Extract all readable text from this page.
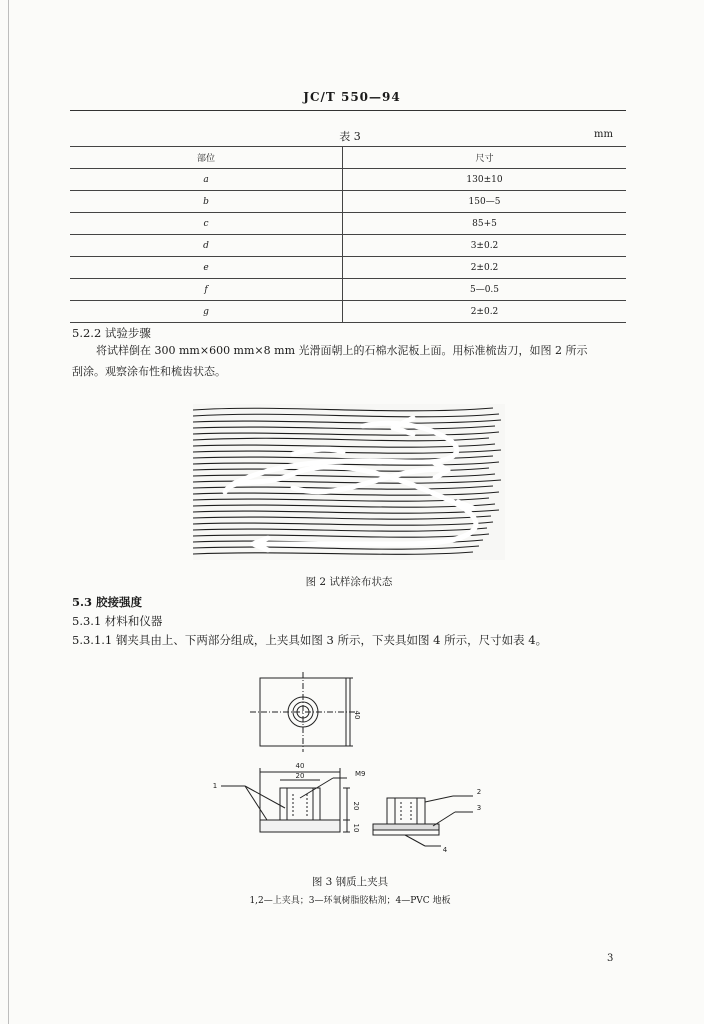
JC/T 550—94
表 3	mm
部位	尺寸
a	130±10
b	150—5
c	85+5
d	3±0.2
e	2±0.2
f	5—0.5
g	2±0.2
5.2.2 试验步骤
将试样倒在 300 mm×600 mm×8 mm 光滑面朝上的石棉水泥板上面。用标准梳齿刀，如图 2 所示
刮涂。观察涂布性和梳齿状态。
图 2 试样涂布状态
5.3 胶接强度
5.3.1 材料和仪器
5.3.1.1 钢夹具由上、下两部分组成，上夹具如图 3 所示，下夹具如图 4 所示，尺寸如表 4。
40
40
20	M9
20
10
1
2
3
4
图 3 钢质上夹具
1,2—上夹具；3—环氧树脂胶粘剂；4—PVC 地板
3
